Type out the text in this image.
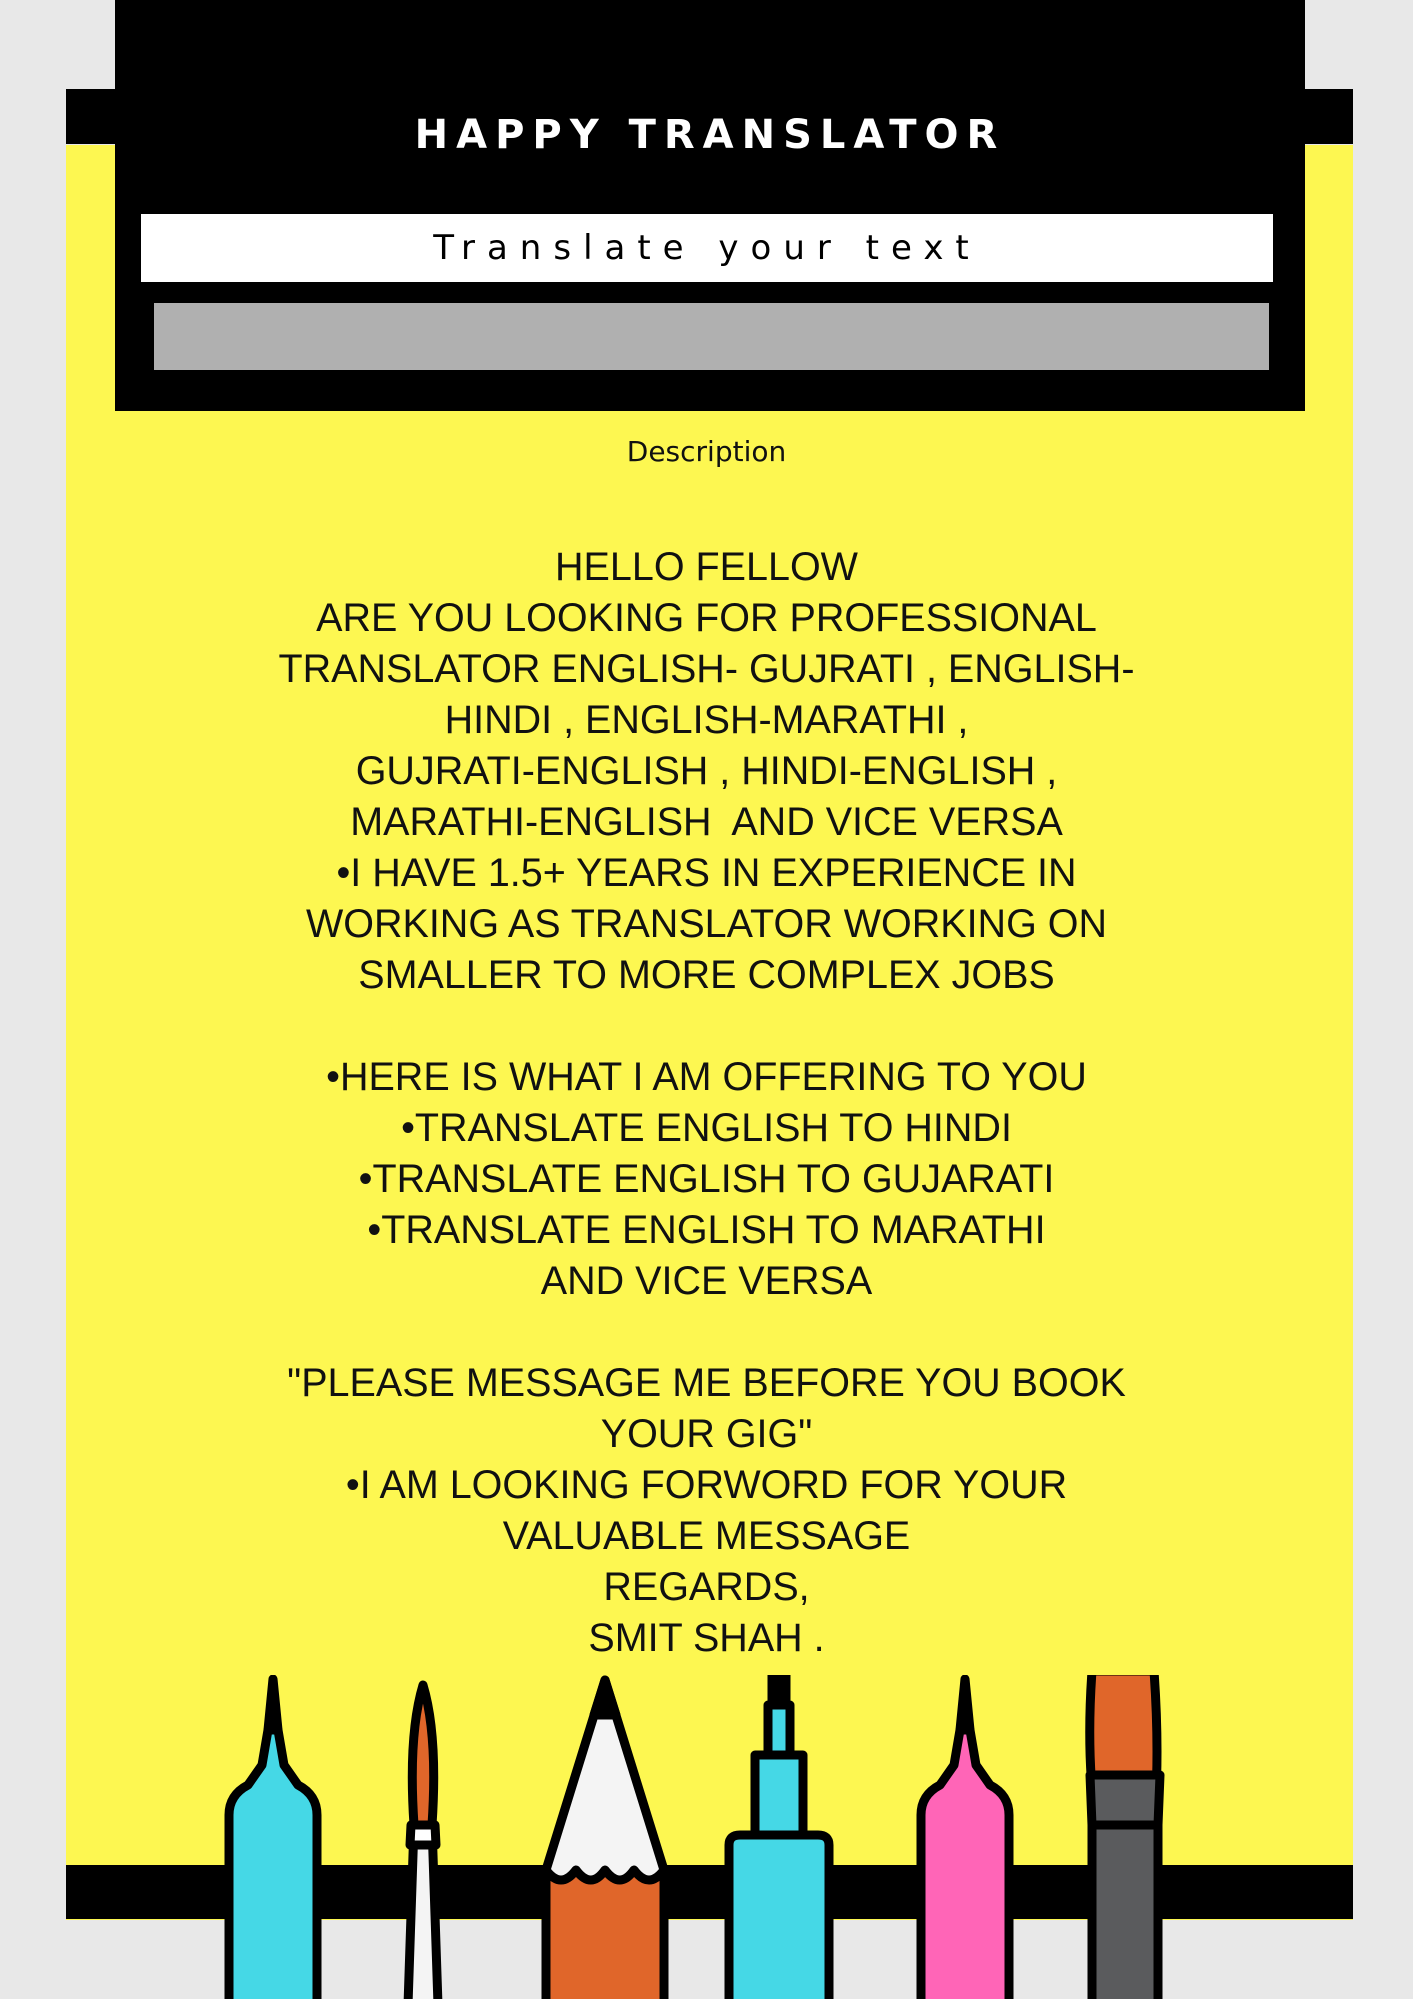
HAPPY TRANSLATOR
Translate your text
Description
HELLO FELLOW
ARE YOU LOOKING FOR PROFESSIONAL
TRANSLATOR ENGLISH- GUJRATI , ENGLISH-
HINDI , ENGLISH-MARATHI ,
GUJRATI-ENGLISH , HINDI-ENGLISH ,
MARATHI-ENGLISH  AND VICE VERSA
•I HAVE 1.5+ YEARS IN EXPERIENCE IN
WORKING AS TRANSLATOR WORKING ON
SMALLER TO MORE COMPLEX JOBS
•HERE IS WHAT I AM OFFERING TO YOU
•TRANSLATE ENGLISH TO HINDI
•TRANSLATE ENGLISH TO GUJARATI
•TRANSLATE ENGLISH TO MARATHI
AND VICE VERSA
"PLEASE MESSAGE ME BEFORE YOU BOOK
YOUR GIG"
•I AM LOOKING FORWORD FOR YOUR
VALUABLE MESSAGE
REGARDS,
SMIT SHAH .
